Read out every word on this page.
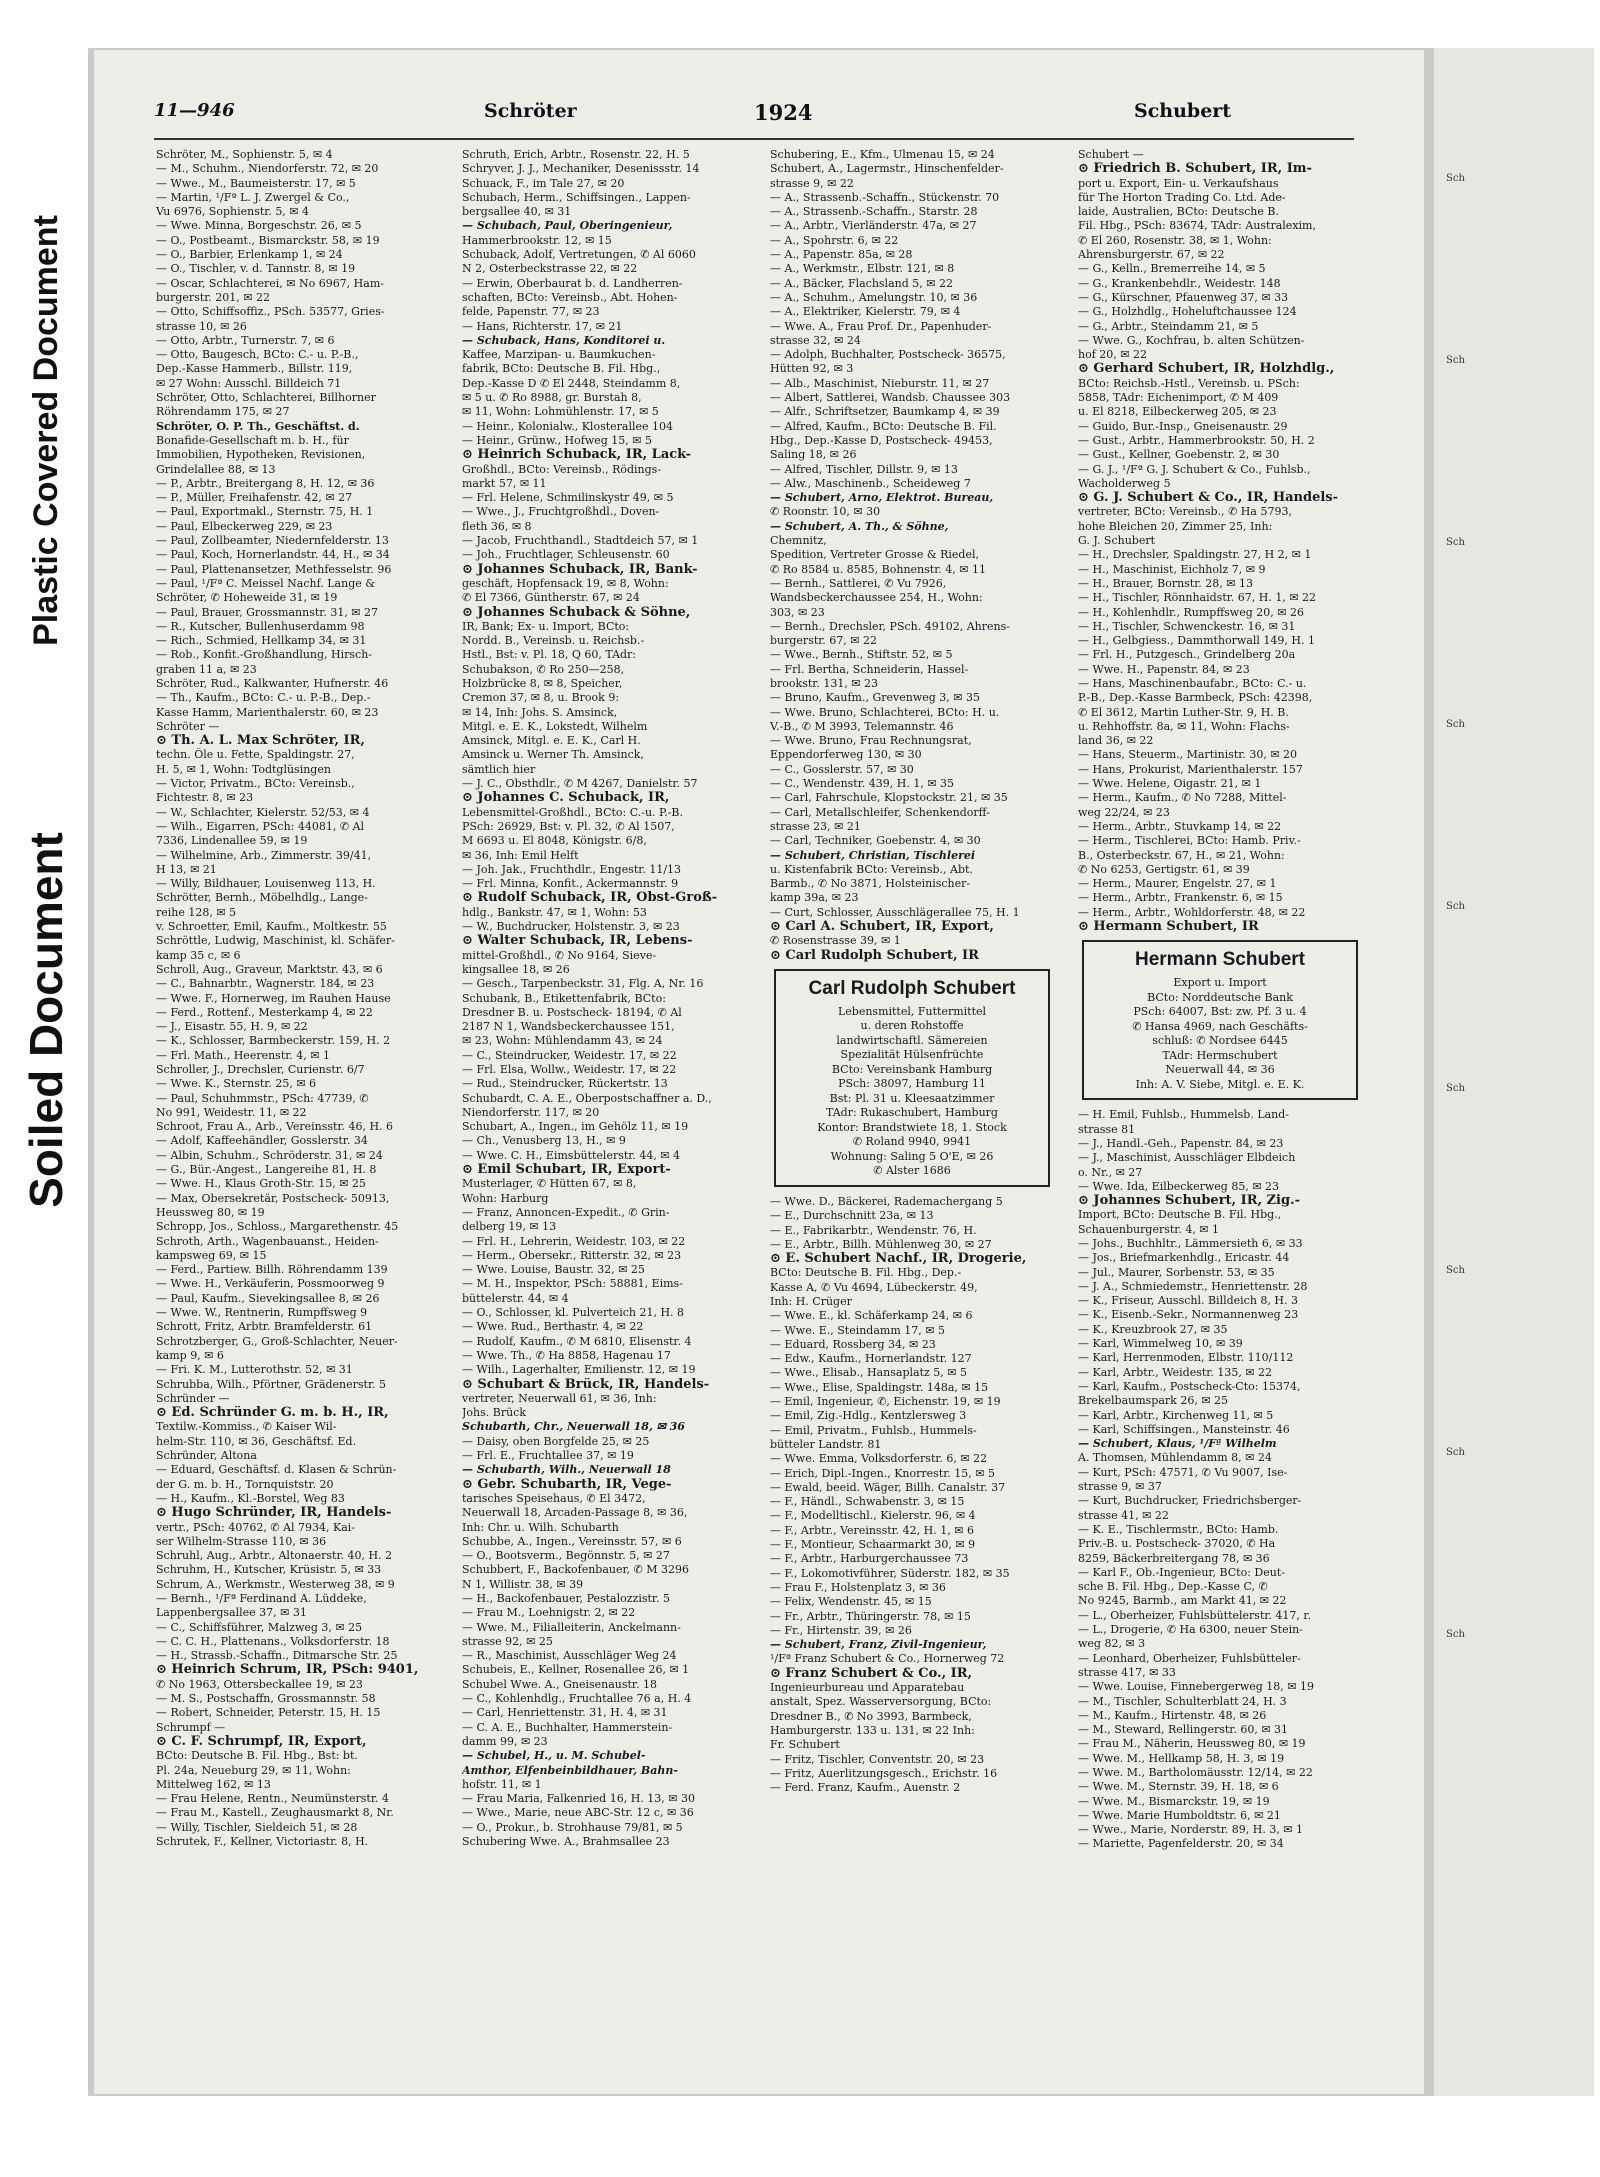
Plastic Covered Document
Soiled Document
11—946	Schröter	1924	Schubert
Schröter, M., Sophienstr. 5, ✉ 4
— M., Schuhm., Niendorferstr. 72, ✉ 20
— Wwe., M., Baumeisterstr. 17, ✉ 5
— Martin, ¹/Fª L. J. Zwergel & Co.,
Vu 6976, Sophienstr. 5, ✉ 4
— Wwe. Minna, Borgeschstr. 26, ✉ 5
— O., Postbeamt., Bismarckstr. 58, ✉ 19
— O., Barbier, Erlenkamp 1, ✉ 24
— O., Tischler, v. d. Tannstr. 8, ✉ 19
— Oscar, Schlachterei, ✉ No 6967, Ham-
burgerstr. 201, ✉ 22
— Otto, Schiffsoffiz., PSch. 53577, Gries-
strasse 10, ✉ 26
— Otto, Arbtr., Turnerstr. 7, ✉ 6
— Otto, Baugesch, BCto: C.- u. P.-B.,
Dep.-Kasse Hammerb., Billstr. 119,
✉ 27 Wohn: Ausschl. Billdeich 71
Schröter, Otto, Schlachterei, Billhorner
Röhrendamm 175, ✉ 27
Schröter, O. P. Th., Geschäftst. d.
Bonafide-Gesellschaft m. b. H., für
Immobilien, Hypotheken, Revisionen,
Grindelallee 88, ✉ 13
— P., Arbtr., Breitergang 8, H. 12, ✉ 36
— P., Müller, Freihafenstr. 42, ✉ 27
— Paul, Exportmakl., Sternstr. 75, H. 1
— Paul, Elbeckerweg 229, ✉ 23
— Paul, Zollbeamter, Niedernfelderstr. 13
— Paul, Koch, Hornerlandstr. 44, H., ✉ 34
— Paul, Plattenansetzer, Methfesselstr. 96
— Paul, ¹/Fª C. Meissel Nachf. Lange &
Schröter, ✆ Hoheweide 31, ✉ 19
— Paul, Brauer, Grossmannstr. 31, ✉ 27
— R., Kutscher, Bullenhuserdamm 98
— Rich., Schmied, Hellkamp 34, ✉ 31
— Rob., Konfit.-Großhandlung, Hirsch-
graben 11 a, ✉ 23
Schröter, Rud., Kalkwanter, Hufnerstr. 46
— Th., Kaufm., BCto: C.- u. P.-B., Dep.-
Kasse Hamm, Marienthalerstr. 60, ✉ 23
Schröter —
⊙ Th. A. L. Max Schröter, IR,
techn. Öle u. Fette, Spaldingstr. 27,
H. 5, ✉ 1, Wohn: Todtglüsingen
— Victor, Privatm., BCto: Vereinsb.,
Fichtestr. 8, ✉ 23
— W., Schlachter, Kielerstr. 52/53, ✉ 4
— Wilh., Eigarren, PSch: 44081, ✆ Al
7336, Lindenallee 59, ✉ 19
— Wilhelmine, Arb., Zimmerstr. 39/41,
H 13, ✉ 21
— Willy, Bildhauer, Louisenweg 113, H.
Schrötter, Bernh., Möbelhdlg., Lange-
reihe 128, ✉ 5
v. Schroetter, Emil, Kaufm., Moltkestr. 55
Schröttle, Ludwig, Maschinist, kl. Schäfer-
kamp 35 c, ✉ 6
Schroll, Aug., Graveur, Marktstr. 43, ✉ 6
— C., Bahnarbtr., Wagnerstr. 184, ✉ 23
— Wwe. F., Hornerweg, im Rauhen Hause
— Ferd., Rottenf., Mesterkamp 4, ✉ 22
— J., Eisastr. 55, H. 9, ✉ 22
— K., Schlosser, Barmbeckerstr. 159, H. 2
— Frl. Math., Heerenstr. 4, ✉ 1
Schroller, J., Drechsler, Curienstr. 6/7
— Wwe. K., Sternstr. 25, ✉ 6
— Paul, Schuhmmstr., PSch: 47739, ✆
No 991, Weidestr. 11, ✉ 22
Schroot, Frau A., Arb., Vereinsstr. 46, H. 6
— Adolf, Kaffeehändler, Gosslerstr. 34
— Albin, Schuhm., Schröderstr. 31, ✉ 24
— G., Bür.-Angest., Langereihe 81, H. 8
— Wwe. H., Klaus Groth-Str. 15, ✉ 25
— Max, Obersekretär, Postscheck- 50913,
Heussweg 80, ✉ 19
Schropp, Jos., Schloss., Margarethenstr. 45
Schroth, Arth., Wagenbauanst., Heiden-
kampsweg 69, ✉ 15
— Ferd., Partiew. Billh. Röhrendamm 139
— Wwe. H., Verkäuferin, Possmoorweg 9
— Paul, Kaufm., Sievekingsallee 8, ✉ 26
— Wwe. W., Rentnerin, Rumpffsweg 9
Schrott, Fritz, Arbtr. Bramfelderstr. 61
Schrotzberger, G., Groß-Schlachter, Neuer-
kamp 9, ✉ 6
— Fri. K. M., Lutterothstr. 52, ✉ 31
Schrubba, Wilh., Pförtner, Grädenerstr. 5
Schründer —
⊙ Ed. Schründer G. m. b. H., IR,
Textilw.-Kommiss., ✆ Kaiser Wil-
helm-Str. 110, ✉ 36, Geschäftsf. Ed.
Schründer, Altona
— Eduard, Geschäftsf. d. Klasen & Schrün-
der G. m. b. H., Tornquiststr. 20
— H., Kaufm., Kl.-Borstel, Weg 83
⊙ Hugo Schründer, IR, Handels-
vertr., PSch: 40762, ✆ Al 7934, Kai-
ser Wilhelm-Strasse 110, ✉ 36
Schruhl, Aug., Arbtr., Altonaerstr. 40, H. 2
Schruhm, H., Kutscher, Krüsistr. 5, ✉ 33
Schrum, A., Werkmstr., Westerweg 38, ✉ 9
— Bernh., ¹/Fª Ferdinand A. Lüddeke,
Lappenbergsallee 37, ✉ 31
— C., Schiffsführer, Malzweg 3, ✉ 25
— C. C. H., Plattenans., Volksdorferstr. 18
— H., Strassb.-Schaffn., Ditmarsche Str. 25
⊙ Heinrich Schrum, IR, PSch: 9401,
✆ No 1963, Ottersbeckallee 19, ✉ 23
— M. S., Postschaffn, Grossmannstr. 58
— Robert, Schneider, Peterstr. 15, H. 15
Schrumpf —
⊙ C. F. Schrumpf, IR, Export,
BCto: Deutsche B. Fil. Hbg., Bst: bt.
Pl. 24a, Neueburg 29, ✉ 11, Wohn:
Mittelweg 162, ✉ 13
— Frau Helene, Rentn., Neumünsterstr. 4
— Frau M., Kastell., Zeughausmarkt 8, Nr.
— Willy, Tischler, Sieldeich 51, ✉ 28
Schrutek, F., Kellner, Victoriastr. 8, H.
Schruth, Erich, Arbtr., Rosenstr. 22, H. 5
Schryver, J. J., Mechaniker, Desenissstr. 14
Schuack, F., im Tale 27, ✉ 20
Schubach, Herm., Schiffsingen., Lappen-
bergsallee 40, ✉ 31
— Schubach, Paul, Oberingenieur,
Hammerbrookstr. 12, ✉ 15
Schuback, Adolf, Vertretungen, ✆ Al 6060
N 2, Osterbeckstrasse 22, ✉ 22
— Erwin, Oberbaurat b. d. Landherren-
schaften, BCto: Vereinsb., Abt. Hohen-
felde, Papenstr. 77, ✉ 23
— Hans, Richterstr. 17, ✉ 21
— Schuback, Hans, Konditorei u.
Kaffee, Marzipan- u. Baumkuchen-
fabrik, BCto: Deutsche B. Fil. Hbg.,
Dep.-Kasse D ✆ El 2448, Steindamm 8,
✉ 5 u. ✆ Ro 8988, gr. Burstah 8,
✉ 11, Wohn: Lohmühlenstr. 17, ✉ 5
— Heinr., Kolonialw., Klosterallee 104
— Heinr., Grünw., Hofweg 15, ✉ 5
⊙ Heinrich Schuback, IR, Lack-
Großhdl., BCto: Vereinsb., Rödings-
markt 57, ✉ 11
— Frl. Helene, Schmilinskystr 49, ✉ 5
— Wwe., J., Fruchtgroßhdl., Doven-
fleth 36, ✉ 8
— Jacob, Fruchthandl., Stadtdeich 57, ✉ 1
— Joh., Fruchtlager, Schleusenstr. 60
⊙ Johannes Schuback, IR, Bank-
geschäft, Hopfensack 19, ✉ 8, Wohn:
✆ El 7366, Güntherstr. 67, ✉ 24
⊙ Johannes Schuback & Söhne,
IR, Bank; Ex- u. Import, BCto:
Nordd. B., Vereinsb. u. Reichsb.-
Hstl., Bst: v. Pl. 18, Q 60, TAdr:
Schubakson, ✆ Ro 250—258,
Holzbrücke 8, ✉ 8, Speicher,
Cremon 37, ✉ 8, u. Brook 9:
✉ 14, Inh: Johs. S. Amsinck,
Mitgl. e. E. K., Lokstedt, Wilhelm
Amsinck, Mitgl. e. E. K., Carl H.
Amsinck u. Werner Th. Amsinck,
sämtlich hier
— J. C., Obsthdlr., ✆ M 4267, Danielstr. 57
⊙ Johannes C. Schuback, IR,
Lebensmittel-Großhdl., BCto: C.-u. P.-B.
PSch: 26929, Bst: v. Pl. 32, ✆ Al 1507,
M 6693 u. El 8048, Königstr. 6/8,
✉ 36, Inh: Emil Helft
— Joh. Jak., Fruchthdlr., Engestr. 11/13
— Frl. Minna, Konfit., Ackermannstr. 9
⊙ Rudolf Schuback, IR, Obst-Groß-
hdlg., Bankstr. 47, ✉ 1, Wohn: 53
— W., Buchdrucker, Holstenstr. 3, ✉ 23
⊙ Walter Schuback, IR, Lebens-
mittel-Großhdl., ✆ No 9164, Sieve-
kingsallee 18, ✉ 26
— Gesch., Tarpenbeckstr. 31, Flg. A, Nr. 16
Schubank, B., Etikettenfabrik, BCto:
Dresdner B. u. Postscheck- 18194, ✆ Al
2187 N 1, Wandsbeckerchaussee 151,
✉ 23, Wohn: Mühlendamm 43, ✉ 24
— C., Steindrucker, Weidestr. 17, ✉ 22
— Frl. Elsa, Wollw., Weidestr. 17, ✉ 22
— Rud., Steindrucker, Rückertstr. 13
Schubardt, C. A. E., Oberpostschaffner a. D.,
Niendorferstr. 117, ✉ 20
Schubart, A., Ingen., im Gehölz 11, ✉ 19
— Ch., Venusberg 13, H., ✉ 9
— Wwe. C. H., Eimsbüttelerstr. 44, ✉ 4
⊙ Emil Schubart, IR, Export-
Musterlager, ✆ Hütten 67, ✉ 8,
Wohn: Harburg
— Franz, Annoncen-Expedit., ✆ Grin-
delberg 19, ✉ 13
— Frl. H., Lehrerin, Weidestr. 103, ✉ 22
— Herm., Obersekr., Ritterstr. 32, ✉ 23
— Wwe. Louise, Baustr. 32, ✉ 25
— M. H., Inspektor, PSch: 58881, Eims-
büttelerstr. 44, ✉ 4
— O., Schlosser, kl. Pulverteich 21, H. 8
— Wwe. Rud., Berthastr. 4, ✉ 22
— Rudolf, Kaufm., ✆ M 6810, Elisenstr. 4
— Wwe. Th., ✆ Ha 8858, Hagenau 17
— Wilh., Lagerhalter, Emilienstr. 12, ✉ 19
⊙ Schubart & Brück, IR, Handels-
vertreter, Neuerwall 61, ✉ 36, Inh:
Johs. Brück
Schubarth, Chr., Neuerwall 18, ✉ 36
— Daisy, oben Borgfelde 25, ✉ 25
— Frl. E., Fruchtallee 37, ✉ 19
— Schubarth, Wilh., Neuerwall 18
⊙ Gebr. Schubarth, IR, Vege-
tarisches Speisehaus, ✆ El 3472,
Neuerwall 18, Arcaden-Passage 8, ✉ 36,
Inh: Chr. u. Wilh. Schubarth
Schubbe, A., Ingen., Vereinsstr. 57, ✉ 6
— O., Bootsverm., Begönnstr. 5, ✉ 27
Schubbert, F., Backofenbauer, ✆ M 3296
N 1, Willistr. 38, ✉ 39
— H., Backofenbauer, Pestalozzistr. 5
— Frau M., Loehnigstr. 2, ✉ 22
— Wwe. M., Filialleiterin, Anckelmann-
strasse 92, ✉ 25
— R., Maschinist, Ausschläger Weg 24
Schubeis, E., Kellner, Rosenallee 26, ✉ 1
Schubel Wwe. A., Gneisenaustr. 18
— C., Kohlenhdlg., Fruchtallee 76 a, H. 4
— Carl, Henriettenstr. 31, H. 4, ✉ 31
— C. A. E., Buchhalter, Hammerstein-
damm 99, ✉ 23
— Schubel, H., u. M. Schubel-
Amthor, Elfenbeinbildhauer, Bahn-
hofstr. 11, ✉ 1
— Frau Maria, Falkenried 16, H. 13, ✉ 30
— Wwe., Marie, neue ABC-Str. 12 c, ✉ 36
— O., Prokur., b. Strohhause 79/81, ✉ 5
Schubering Wwe. A., Brahmsallee 23
Schubering, E., Kfm., Ulmenau 15, ✉ 24
Schubert, A., Lagermstr., Hinschenfelder-
strasse 9, ✉ 22
— A., Strassenb.-Schaffn., Stückenstr. 70
— A., Strassenb.-Schaffn., Starstr. 28
— A., Arbtr., Vierländerstr. 47a, ✉ 27
— A., Spohrstr. 6, ✉ 22
— A., Papenstr. 85a, ✉ 28
— A., Werkmstr., Elbstr. 121, ✉ 8
— A., Bäcker, Flachsland 5, ✉ 22
— A., Schuhm., Amelungstr. 10, ✉ 36
— A., Elektriker, Kielerstr. 79, ✉ 4
— Wwe. A., Frau Prof. Dr., Papenhuder-
strasse 32, ✉ 24
— Adolph, Buchhalter, Postscheck- 36575,
Hütten 92, ✉ 3
— Alb., Maschinist, Nieburstr. 11, ✉ 27
— Albert, Sattlerei, Wandsb. Chaussee 303
— Alfr., Schriftsetzer, Baumkamp 4, ✉ 39
— Alfred, Kaufm., BCto: Deutsche B. Fil.
Hbg., Dep.-Kasse D, Postscheck- 49453,
Saling 18, ✉ 26
— Alfred, Tischler, Dillstr. 9, ✉ 13
— Alw., Maschinenb., Scheideweg 7
— Schubert, Arno, Elektrot. Bureau,
✆ Roonstr. 10, ✉ 30
— Schubert, A. Th., & Söhne,
Chemnitz,
Spedition, Vertreter Grosse & Riedel,
✆ Ro 8584 u. 8585, Bohnenstr. 4, ✉ 11
— Bernh., Sattlerei, ✆ Vu 7926,
Wandsbeckerchaussee 254, H., Wohn:
303, ✉ 23
— Bernh., Drechsler, PSch. 49102, Ahrens-
burgerstr. 67, ✉ 22
— Wwe., Bernh., Stiftstr. 52, ✉ 5
— Frl. Bertha, Schneiderin, Hassel-
brookstr. 131, ✉ 23
— Bruno, Kaufm., Grevenweg 3, ✉ 35
— Wwe. Bruno, Schlachterei, BCto: H. u.
V.-B., ✆ M 3993, Telemannstr. 46
— Wwe. Bruno, Frau Rechnungsrat,
Eppendorferweg 130, ✉ 30
— C., Gosslerstr. 57, ✉ 30
— C., Wendenstr. 439, H. 1, ✉ 35
— Carl, Fahrschule, Klopstockstr. 21, ✉ 35
— Carl, Metallschleifer, Schenkendorff-
strasse 23, ✉ 21
— Carl, Techniker, Goebenstr. 4, ✉ 30
— Schubert, Christian, Tischlerei
u. Kistenfabrik BCto: Vereinsb., Abt.
Barmb., ✆ No 3871, Holsteinischer-
kamp 39a, ✉ 23
— Curt, Schlosser, Ausschlägerallee 75, H. 1
⊙ Carl A. Schubert, IR, Export,
✆ Rosenstrasse 39, ✉ 1
⊙ Carl Rudolph Schubert, IR
Carl Rudolph Schubert
Lebensmittel, Futtermittel
u. deren Rohstoffe
landwirtschaftl. Sämereien
Spezialität Hülsenfrüchte
BCto: Vereinsbank Hamburg
PSch: 38097, Hamburg 11
Bst: Pl. 31 u. Kleesaatzimmer
TAdr: Rukaschubert, Hamburg
Kontor: Brandstwiete 18, 1. Stock
✆ Roland 9940, 9941
Wohnung: Saling 5 O'E, ✉ 26
✆ Alster 1686
— Wwe. D., Bäckerei, Rademachergang 5
— E., Durchschnitt 23a, ✉ 13
— E., Fabrikarbtr., Wendenstr. 76, H.
— E., Arbtr., Billh. Mühlenweg 30, ✉ 27
⊙ E. Schubert Nachf., IR, Drogerie,
BCto: Deutsche B. Fil. Hbg., Dep.-
Kasse A, ✆ Vu 4694, Lübeckerstr. 49,
Inh: H. Crüger
— Wwe. E., kl. Schäferkamp 24, ✉ 6
— Wwe. E., Steindamm 17, ✉ 5
— Eduard, Rossberg 34, ✉ 23
— Edw., Kaufm., Hornerlandstr. 127
— Wwe., Elisab., Hansaplatz 5, ✉ 5
— Wwe., Elise, Spaldingstr. 148a, ✉ 15
— Emil, Ingenieur, ✆, Eichenstr. 19, ✉ 19
— Emil, Zig.-Hdlg., Kentzlersweg 3
— Emil, Privatm., Fuhlsb., Hummels-
bütteler Landstr. 81
— Wwe. Emma, Volksdorferstr. 6, ✉ 22
— Erich, Dipl.-Ingen., Knorrestr. 15, ✉ 5
— Ewald, beeid. Wäger, Billh. Canalstr. 37
— F., Händl., Schwabenstr. 3, ✉ 15
— F., Modelltischl., Kielerstr. 96, ✉ 4
— F., Arbtr., Vereinsstr. 42, H. 1, ✉ 6
— F., Montieur, Schaarmarkt 30, ✉ 9
— F., Arbtr., Harburgerchaussee 73
— F., Lokomotivführer, Süderstr. 182, ✉ 35
— Frau F., Holstenplatz 3, ✉ 36
— Felix, Wendenstr. 45, ✉ 15
— Fr., Arbtr., Thüringerstr. 78, ✉ 15
— Fr., Hirtenstr. 39, ✉ 26
— Schubert, Franz, Zivil-Ingenieur,
¹/Fª Franz Schubert & Co., Hornerweg 72
⊙ Franz Schubert & Co., IR,
Ingenieurbureau und Apparatebau
anstalt, Spez. Wasserversorgung, BCto:
Dresdner B., ✆ No 3993, Barmbeck,
Hamburgerstr. 133 u. 131, ✉ 22 Inh:
Fr. Schubert
— Fritz, Tischler, Conventstr. 20, ✉ 23
— Fritz, Auerlitzungsgesch., Erichstr. 16
— Ferd. Franz, Kaufm., Auenstr. 2
Schubert —
⊙ Friedrich B. Schubert, IR, Im-
port u. Export, Ein- u. Verkaufshaus
für The Horton Trading Co. Ltd. Ade-
laide, Australien, BCto: Deutsche B.
Fil. Hbg., PSch: 83674, TAdr: Australexim,
✆ El 260, Rosenstr. 38, ✉ 1, Wohn:
Ahrensburgerstr. 67, ✉ 22
— G., Kelln., Bremerreihe 14, ✉ 5
— G., Krankenbehdlr., Weidestr. 148
— G., Kürschner, Pfauenweg 37, ✉ 33
— G., Holzhdlg., Hoheluftchaussee 124
— G., Arbtr., Steindamm 21, ✉ 5
— Wwe. G., Kochfrau, b. alten Schützen-
hof 20, ✉ 22
⊙ Gerhard Schubert, IR, Holzhdlg.,
BCto: Reichsb.-Hstl., Vereinsb. u. PSch:
5858, TAdr: Eichenimport, ✆ M 409
u. El 8218, Eilbeckerweg 205, ✉ 23
— Guido, Bur.-Insp., Gneisenaustr. 29
— Gust., Arbtr., Hammerbrookstr. 50, H. 2
— Gust., Kellner, Goebenstr. 2, ✉ 30
— G. J., ¹/Fª G. J. Schubert & Co., Fuhlsb.,
Wacholderweg 5
⊙ G. J. Schubert & Co., IR, Handels-
vertreter, BCto: Vereinsb., ✆ Ha 5793,
hohe Bleichen 20, Zimmer 25, Inh:
G. J. Schubert
— H., Drechsler, Spaldingstr. 27, H 2, ✉ 1
— H., Maschinist, Eichholz 7, ✉ 9
— H., Brauer, Bornstr. 28, ✉ 13
— H., Tischler, Rönnhaidstr. 67, H. 1, ✉ 22
— H., Kohlenhdlr., Rumpffsweg 20, ✉ 26
— H., Tischler, Schwenckestr. 16, ✉ 31
— H., Gelbgiess., Dammthorwall 149, H. 1
— Frl. H., Putzgesch., Grindelberg 20a
— Wwe. H., Papenstr. 84, ✉ 23
— Hans, Maschinenbaufabr., BCto: C.- u.
P.-B., Dep.-Kasse Barmbeck, PSch: 42398,
✆ El 3612, Martin Luther-Str. 9, H. B.
u. Rehhoffstr. 8a, ✉ 11, Wohn: Flachs-
land 36, ✉ 22
— Hans, Steuerm., Martinistr. 30, ✉ 20
— Hans, Prokurist, Marienthalerstr. 157
— Wwe. Helene, Oigastr. 21, ✉ 1
— Herm., Kaufm., ✆ No 7288, Mittel-
weg 22/24, ✉ 23
— Herm., Arbtr., Stuvkamp 14, ✉ 22
— Herm., Tischlerei, BCto: Hamb. Priv.-
B., Osterbeckstr. 67, H., ✉ 21, Wohn:
✆ No 6253, Gertigstr. 61, ✉ 39
— Herm., Maurer, Engelstr. 27, ✉ 1
— Herm., Arbtr., Frankenstr. 6, ✉ 15
— Herm., Arbtr., Wohldorferstr. 48, ✉ 22
⊙ Hermann Schubert, IR
Hermann Schubert
Export u. Import
BCto: Norddeutsche Bank
PSch: 64007, Bst: zw. Pf. 3 u. 4
✆ Hansa 4969, nach Geschäfts-
schluß: ✆ Nordsee 6445
TAdr: Hermschubert
Neuerwall 44, ✉ 36
Inh: A. V. Siebe, Mitgl. e. E. K.
— H. Emil, Fuhlsb., Hummelsb. Land-
strasse 81
— J., Handl.-Geh., Papenstr. 84, ✉ 23
— J., Maschinist, Ausschläger Elbdeich
o. Nr., ✉ 27
— Wwe. Ida, Eilbeckerweg 85, ✉ 23
⊙ Johannes Schubert, IR, Zig.-
Import, BCto: Deutsche B. Fil. Hbg.,
Schauenburgerstr. 4, ✉ 1
— Johs., Buchhltr., Lämmersieth 6, ✉ 33
— Jos., Briefmarkenhdlg., Ericastr. 44
— Jul., Maurer, Sorbenstr. 53, ✉ 35
— J. A., Schmiedemstr., Henriettenstr. 28
— K., Friseur, Ausschl. Billdeich 8, H. 3
— K., Eisenb.-Sekr., Normannenweg 23
— K., Kreuzbrook 27, ✉ 35
— Karl, Wimmelweg 10, ✉ 39
— Karl, Herrenmoden, Elbstr. 110/112
— Karl, Arbtr., Weidestr. 135, ✉ 22
— Karl, Kaufm., Postscheck-Cto: 15374,
Brekelbaumspark 26, ✉ 25
— Karl, Arbtr., Kirchenweg 11, ✉ 5
— Karl, Schiffsingen., Mansteinstr. 46
— Schubert, Klaus, ¹/Fª Wilhelm
A. Thomsen, Mühlendamm 8, ✉ 24
— Kurt, PSch: 47571, ✆ Vu 9007, Ise-
strasse 9, ✉ 37
— Kurt, Buchdrucker, Friedrichsberger-
strasse 41, ✉ 22
— K. E., Tischlermstr., BCto: Hamb.
Priv.-B. u. Postscheck- 37020, ✆ Ha
8259, Bäckerbreitergang 78, ✉ 36
— Karl F., Ob.-Ingenieur, BCto: Deut-
sche B. Fil. Hbg., Dep.-Kasse C, ✆
No 9245, Barmb., am Markt 41, ✉ 22
— L., Oberheizer, Fuhlsbüttelerstr. 417, r.
— L., Drogerie, ✆ Ha 6300, neuer Stein-
weg 82, ✉ 3
— Leonhard, Oberheizer, Fuhlsbütteler-
strasse 417, ✉ 33
— Wwe. Louise, Finnebergerweg 18, ✉ 19
— M., Tischler, Schulterblatt 24, H. 3
— M., Kaufm., Hirtenstr. 48, ✉ 26
— M., Steward, Rellingerstr. 60, ✉ 31
— Frau M., Näherin, Heussweg 80, ✉ 19
— Wwe. M., Hellkamp 58, H. 3, ✉ 19
— Wwe. M., Bartholomäusstr. 12/14, ✉ 22
— Wwe. M., Sternstr. 39, H. 18, ✉ 6
— Wwe. M., Bismarckstr. 19, ✉ 19
— Wwe. Marie Humboldtstr. 6, ✉ 21
— Wwe., Marie, Norderstr. 89, H. 3, ✉ 1
— Mariette, Pagenfelderstr. 20, ✉ 34
Sch
Sch
Sch
Sch
Sch
Sch
Sch
Sch
Sch
